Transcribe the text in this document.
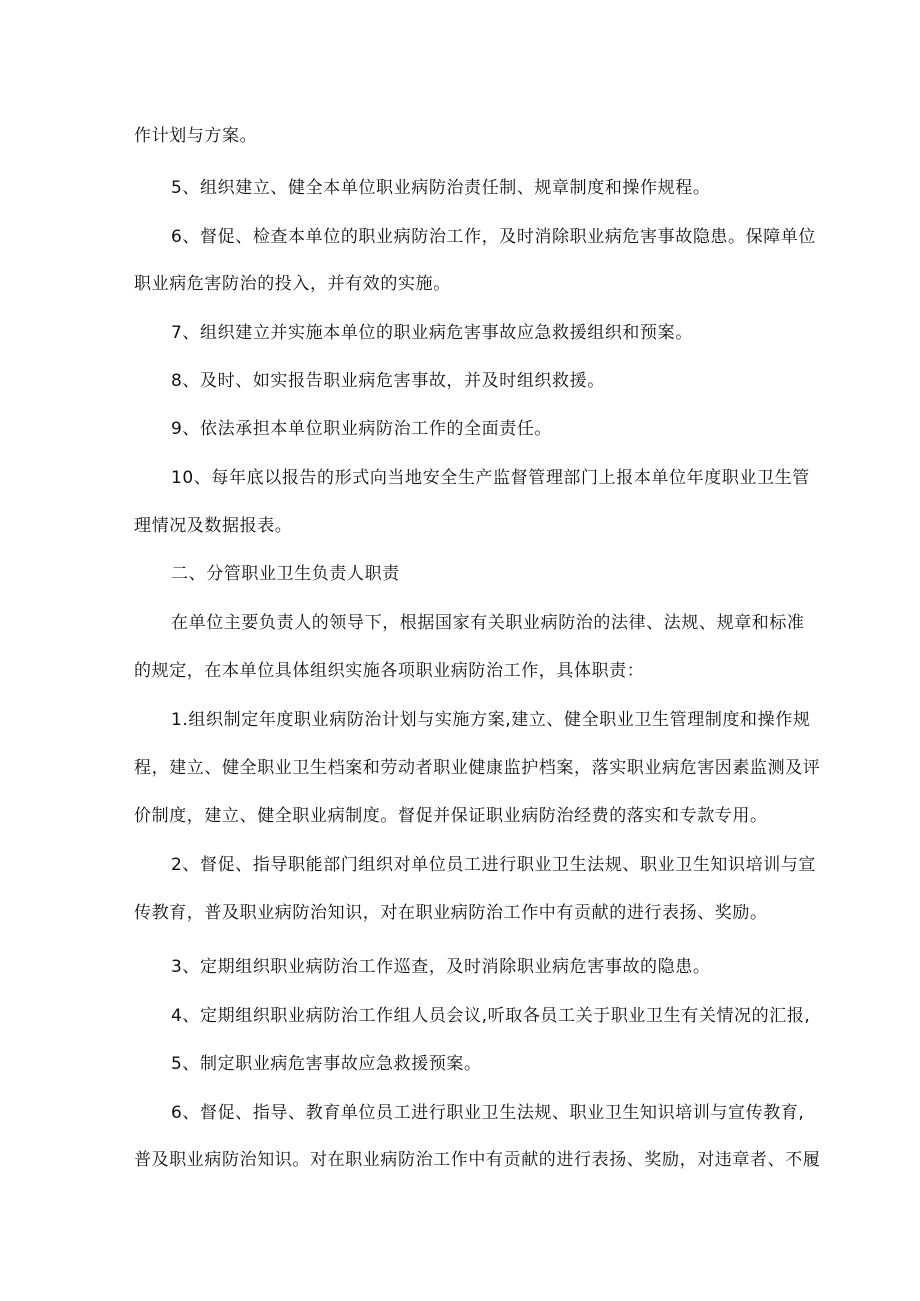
作计划与方案。
5、组织建立、健全本单位职业病防治责任制、规章制度和操作规程。
6、督促、检查本单位的职业病防治工作，及时消除职业病危害事故隐患。保障单位
职业病危害防治的投入，并有效的实施。
7、组织建立并实施本单位的职业病危害事故应急救援组织和预案。
8、及时、如实报告职业病危害事故，并及时组织救援。
9、依法承担本单位职业病防治工作的全面责任。
10、每年底以报告的形式向当地安全生产监督管理部门上报本单位年度职业卫生管
理情况及数据报表。
二、分管职业卫生负责人职责
在单位主要负责人的领导下，根据国家有关职业病防治的法律、法规、规章和标准
的规定，在本单位具体组织实施各项职业病防治工作，具体职责：
1.组织制定年度职业病防治计划与实施方案,建立、健全职业卫生管理制度和操作规
程，建立、健全职业卫生档案和劳动者职业健康监护档案，落实职业病危害因素监测及评
价制度，建立、健全职业病制度。督促并保证职业病防治经费的落实和专款专用。
2、督促、指导职能部门组织对单位员工进行职业卫生法规、职业卫生知识培训与宣
传教育，普及职业病防治知识，对在职业病防治工作中有贡献的进行表扬、奖励。
3、定期组织职业病防治工作巡查，及时消除职业病危害事故的隐患。
4、定期组织职业病防治工作组人员会议,听取各员工关于职业卫生有关情况的汇报,
5、制定职业病危害事故应急救援预案。
6、督促、指导、教育单位员工进行职业卫生法规、职业卫生知识培训与宣传教育,
普及职业病防治知识。对在职业病防治工作中有贡献的进行表扬、奖励，对违章者、不履
